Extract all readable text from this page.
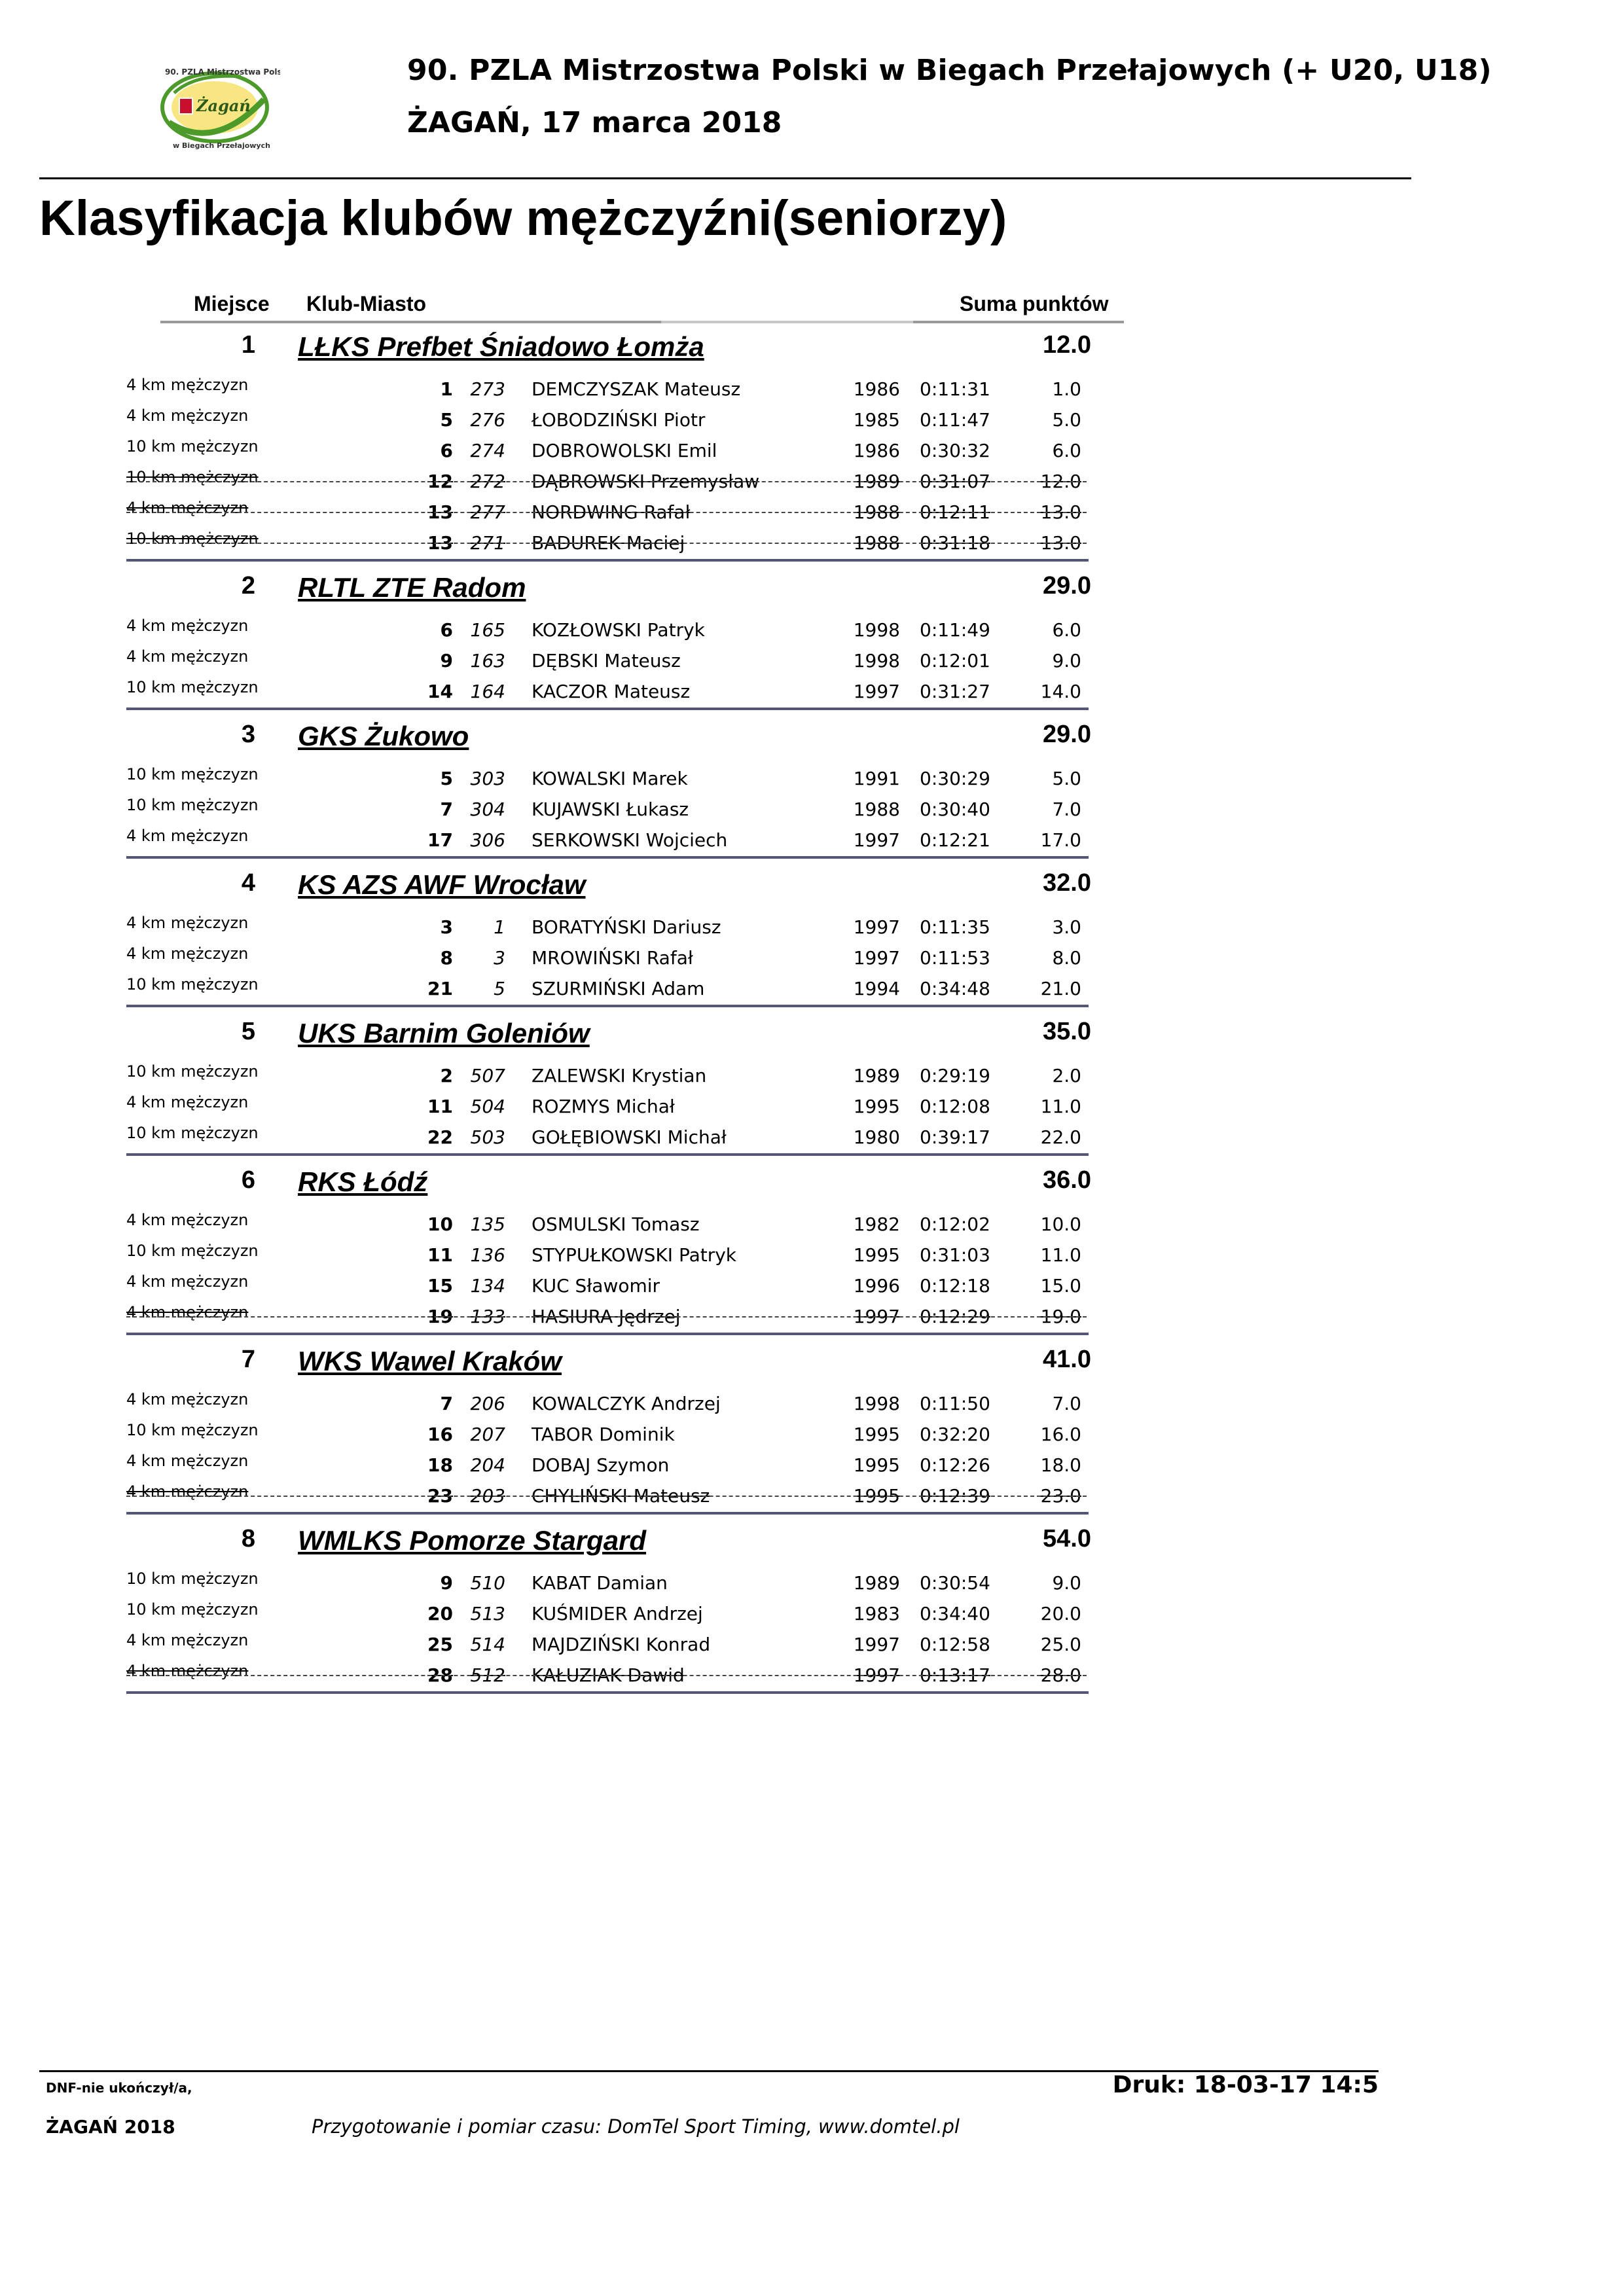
90. PZLA Mistrzostwa Polski
Żagań
w Biegach Przełajowych
90. PZLA Mistrzostwa Polski w Biegach Przełajowych (+ U20, U18)
ŻAGAŃ, 17 marca 2018
Klasyfikacja klubów mężczyźni(seniorzy)
Miejsce Klub-Miasto	Suma punktów
1 LŁKS Prefbet Śniadowo Łomża	12.0
4 km mężczyzn	1 273 DEMCZYSZAK Mateusz	1986 0:11:31	1.0
4 km mężczyzn	5 276 ŁOBODZIŃSKI Piotr	1985 0:11:47	5.0
10 km mężczyzn	6 274 DOBROWOLSKI Emil	1986 0:30:32	6.0
10 km mężczyzn	12 272 DĄBROWSKI Przemysław	1989 0:31:07	12.0
4 km mężczyzn	13 277 NORDWING Rafał	1988 0:12:11	13.0
10 km mężczyzn	13 271 BADUREK Maciej	1988 0:31:18	13.0
2 RLTL ZTE Radom	29.0
4 km mężczyzn	6 165 KOZŁOWSKI Patryk	1998 0:11:49	6.0
4 km mężczyzn	9 163 DĘBSKI Mateusz	1998 0:12:01	9.0
10 km mężczyzn	14 164 KACZOR Mateusz	1997 0:31:27	14.0
3 GKS Żukowo	29.0
10 km mężczyzn	5 303 KOWALSKI Marek	1991 0:30:29	5.0
10 km mężczyzn	7 304 KUJAWSKI Łukasz	1988 0:30:40	7.0
4 km mężczyzn	17 306 SERKOWSKI Wojciech	1997 0:12:21	17.0
4 KS AZS AWF Wrocław	32.0
4 km mężczyzn	3	1 BORATYŃSKI Dariusz	1997 0:11:35	3.0
4 km mężczyzn	8	3 MROWIŃSKI Rafał	1997 0:11:53	8.0
10 km mężczyzn	21	5 SZURMIŃSKI Adam	1994 0:34:48	21.0
5 UKS Barnim Goleniów	35.0
10 km mężczyzn	2 507 ZALEWSKI Krystian	1989 0:29:19	2.0
4 km mężczyzn	11 504 ROZMYS Michał	1995 0:12:08	11.0
10 km mężczyzn	22 503 GOŁĘBIOWSKI Michał	1980 0:39:17	22.0
6 RKS Łódź	36.0
4 km mężczyzn	10 135 OSMULSKI Tomasz	1982 0:12:02	10.0
10 km mężczyzn	11 136 STYPUŁKOWSKI Patryk	1995 0:31:03	11.0
4 km mężczyzn	15 134 KUC Sławomir	1996 0:12:18	15.0
4 km mężczyzn	19 133 HASIURA Jędrzej	1997 0:12:29	19.0
7 WKS Wawel Kraków	41.0
4 km mężczyzn	7 206 KOWALCZYK Andrzej	1998 0:11:50	7.0
10 km mężczyzn	16 207 TABOR Dominik	1995 0:32:20	16.0
4 km mężczyzn	18 204 DOBAJ Szymon	1995 0:12:26	18.0
4 km mężczyzn	23 203 CHYLIŃSKI Mateusz	1995 0:12:39	23.0
8 WMLKS Pomorze Stargard	54.0
10 km mężczyzn	9 510 KABAT Damian	1989 0:30:54	9.0
10 km mężczyzn	20 513 KUŚMIDER Andrzej	1983 0:34:40	20.0
4 km mężczyzn	25 514 MAJDZIŃSKI Konrad	1997 0:12:58	25.0
4 km mężczyzn	28 512 KAŁUZIAK Dawid	1997 0:13:17	28.0
DNF-nie ukończył/a,	Druk: 18-03-17 14:5
ŻAGAŃ 2018	Przygotowanie i pomiar czasu: DomTel Sport Timing, www.domtel.pl
